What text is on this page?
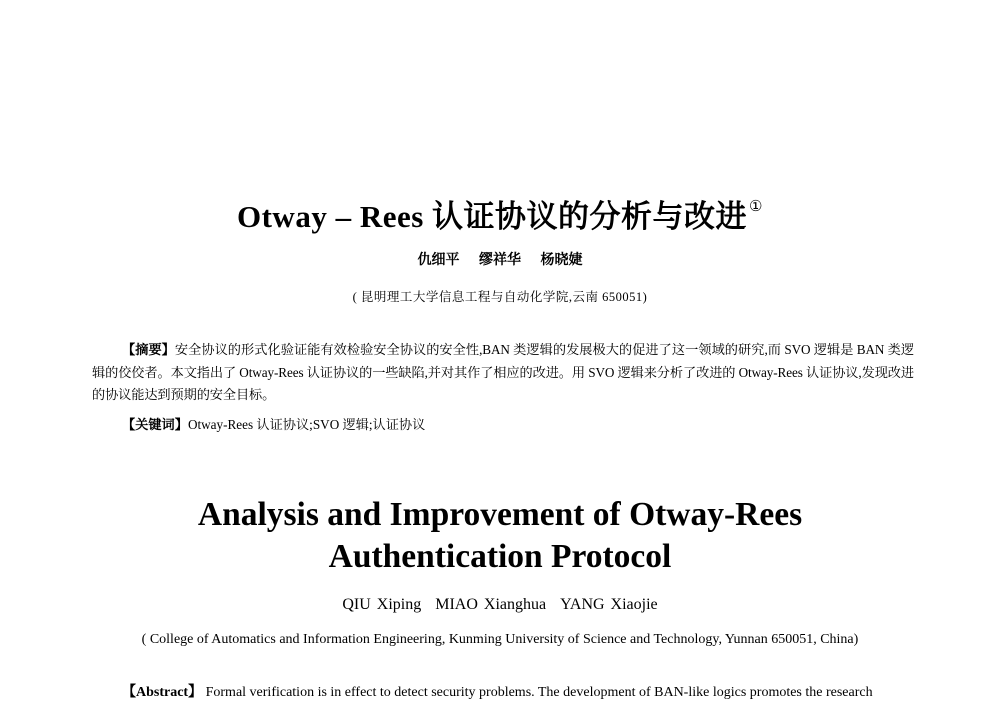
Otway – Rees 认证协议的分析与改进 ①
仇细平 缪祥华 杨晓婕
( 昆明理工大学信息工程与自动化学院,云南 650051)
【摘要】安全协议的形式化验证能有效检验安全协议的安全性,BAN 类逻辑的发展极大的促进了这一领域的研究,而 SVO 逻辑是 BAN 类逻辑的佼佼者。本文指出了 Otway-Rees 认证协议的一些缺陷,并对其作了相应的改进。用 SVO 逻辑来分析了改进的 Otway-Rees 认证协议,发现改进的协议能达到预期的安全目标。
【关键词】Otway-Rees 认证协议;SVO 逻辑;认证协议
Analysis and Improvement of Otway-Rees
Authentication Protocol
QIU Xiping MIAO Xianghua YANG Xiaojie
( College of Automatics and Information Engineering, Kunming University of Science and Technology, Yunnan 650051, China)
【Abstract】 Formal verification is in effect to detect security problems. The development of BAN-like logics promotes the research
